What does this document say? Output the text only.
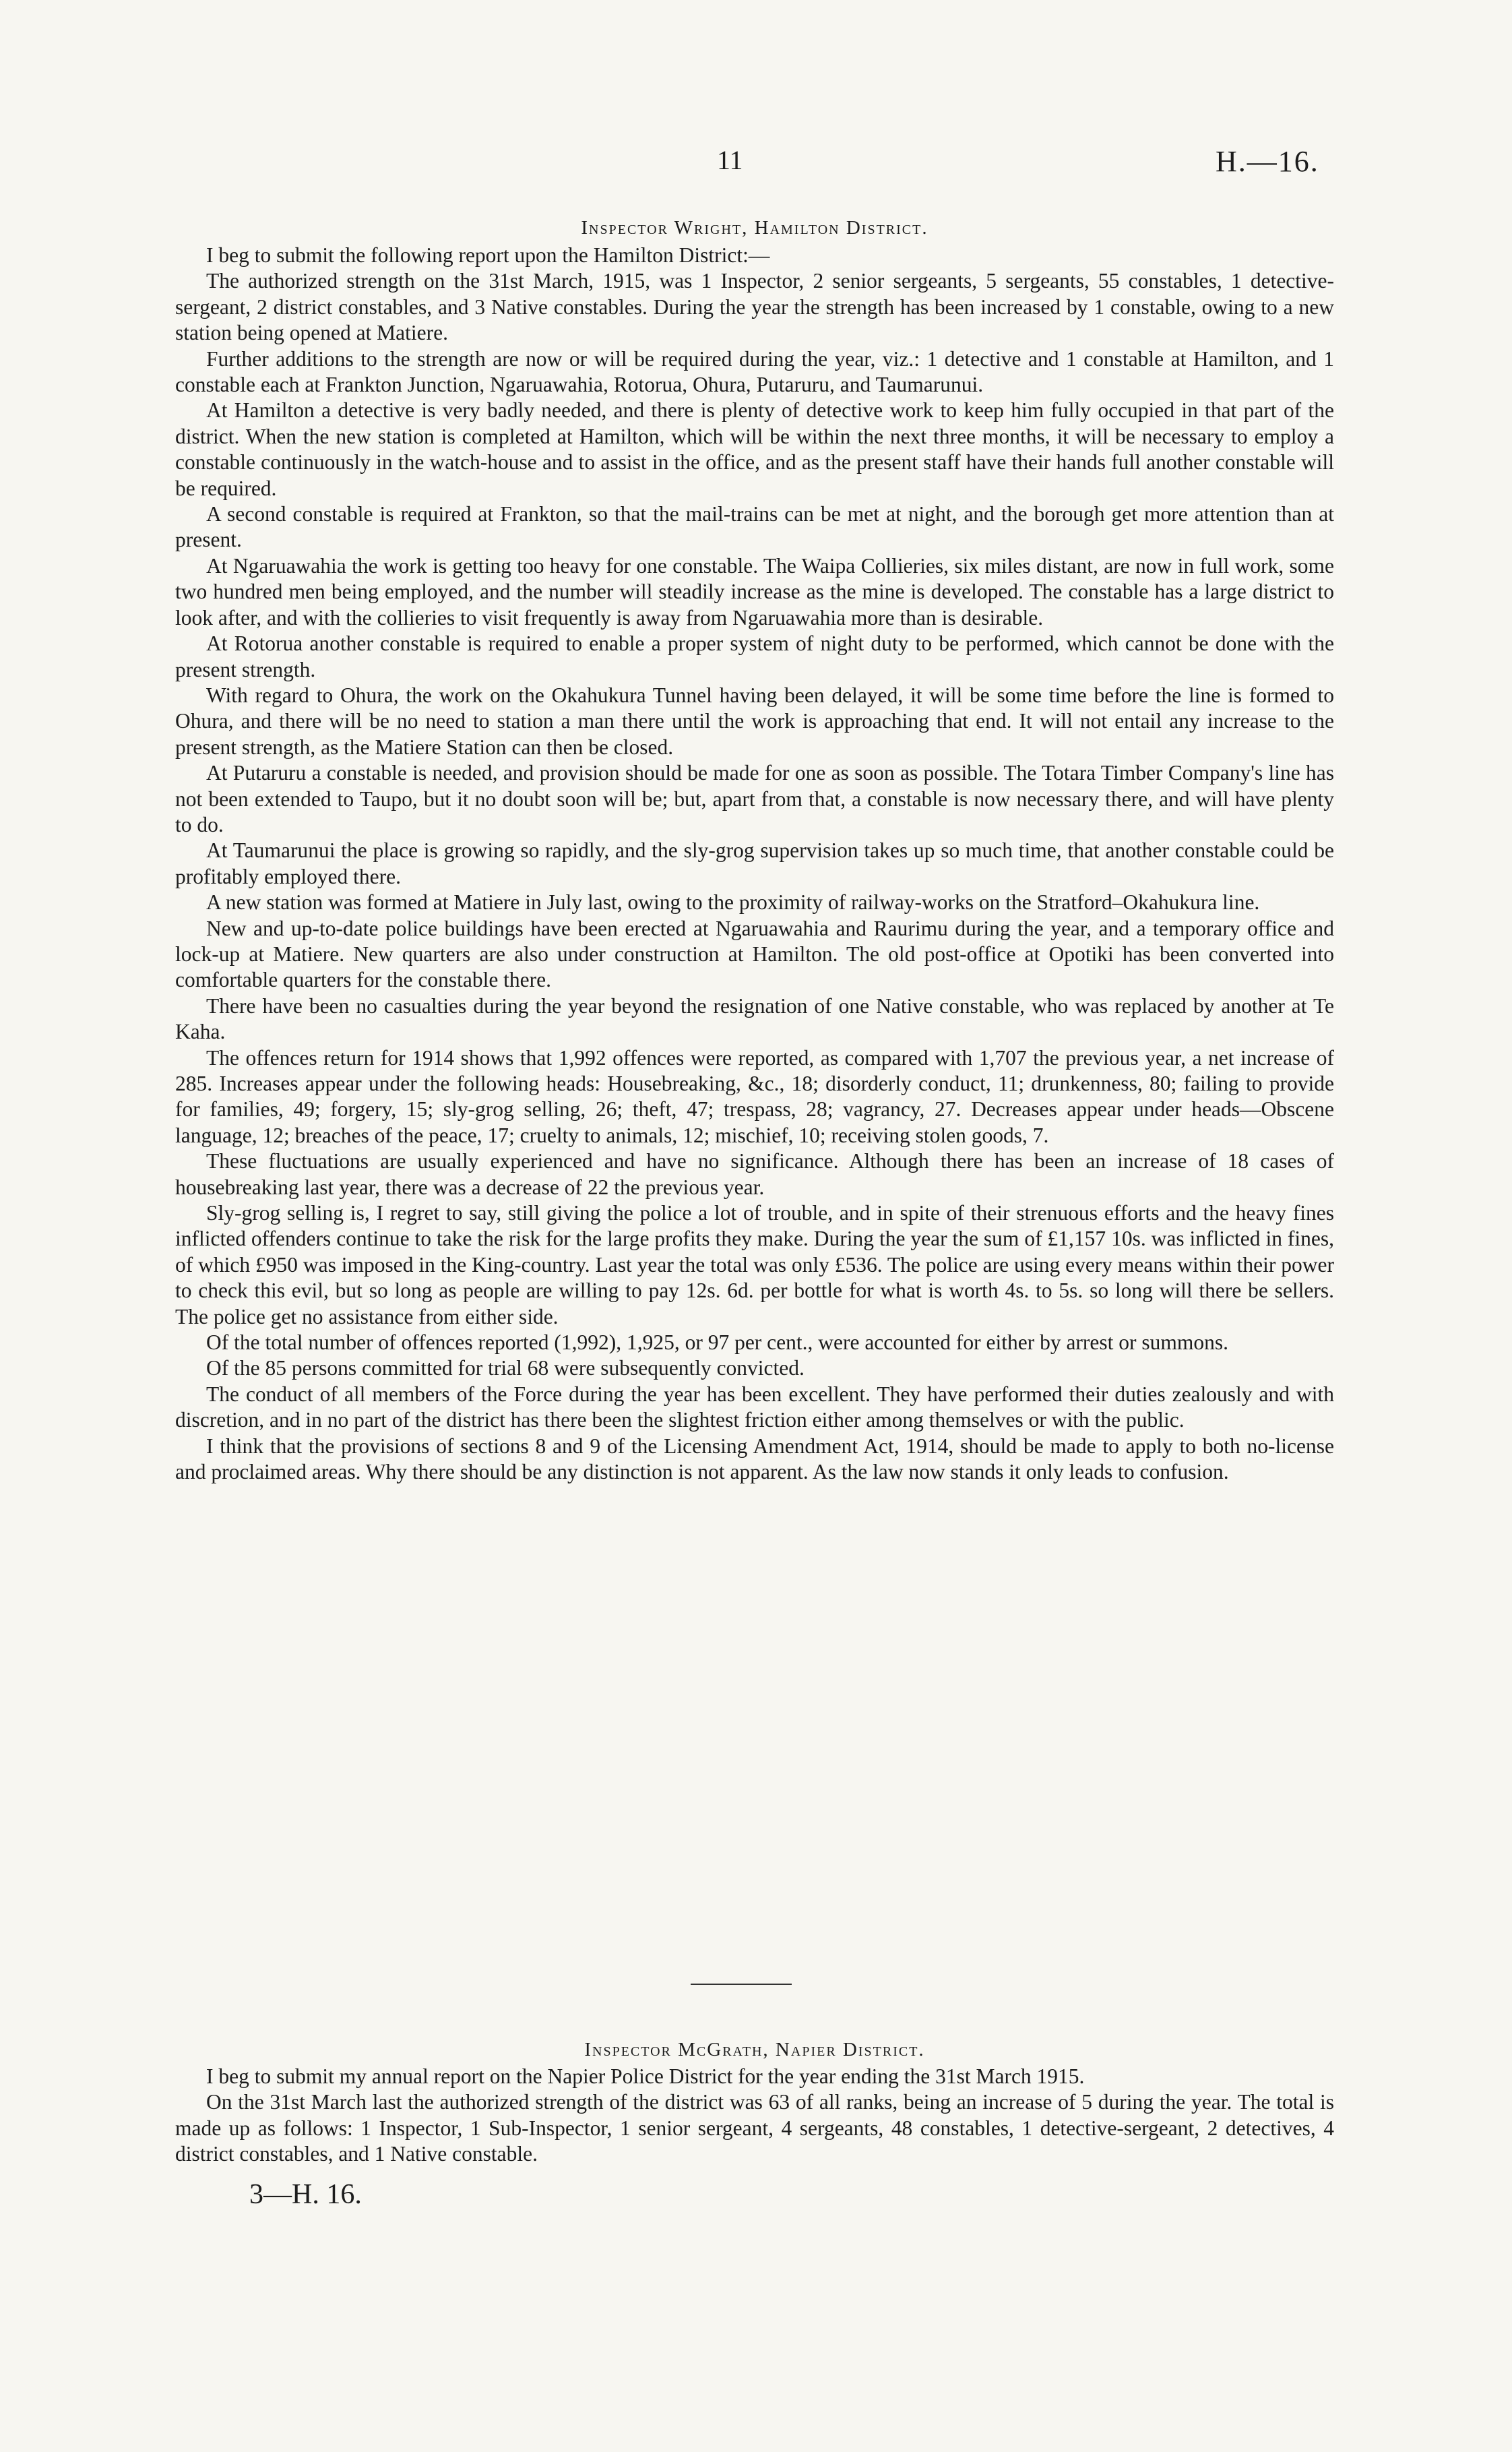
11	H.—16.
Inspector Wright, Hamilton District.

I beg to submit the following report upon the Hamilton District:—

The authorized strength on the 31st March, 1915, was 1 Inspector, 2 senior sergeants, 5 sergeants, 55 constables, 1 detective-sergeant, 2 district constables, and 3 Native constables. During the year the strength has been increased by 1 constable, owing to a new station being opened at Matiere.

Further additions to the strength are now or will be required during the year, viz.: 1 detective and 1 constable at Hamilton, and 1 constable each at Frankton Junction, Ngaruawahia, Rotorua, Ohura, Putaruru, and Taumarunui.

At Hamilton a detective is very badly needed, and there is plenty of detective work to keep him fully occupied in that part of the district. When the new station is completed at Hamilton, which will be within the next three months, it will be necessary to employ a constable continuously in the watch-house and to assist in the office, and as the present staff have their hands full another constable will be required.

A second constable is required at Frankton, so that the mail-trains can be met at night, and the borough get more attention than at present.

At Ngaruawahia the work is getting too heavy for one constable. The Waipa Collieries, six miles distant, are now in full work, some two hundred men being employed, and the number will steadily increase as the mine is developed. The constable has a large district to look after, and with the collieries to visit frequently is away from Ngaruawahia more than is desirable.

At Rotorua another constable is required to enable a proper system of night duty to be performed, which cannot be done with the present strength.

With regard to Ohura, the work on the Okahukura Tunnel having been delayed, it will be some time before the line is formed to Ohura, and there will be no need to station a man there until the work is approaching that end. It will not entail any increase to the present strength, as the Matiere Station can then be closed.

At Putaruru a constable is needed, and provision should be made for one as soon as possible. The Totara Timber Company's line has not been extended to Taupo, but it no doubt soon will be; but, apart from that, a constable is now necessary there, and will have plenty to do.

At Taumarunui the place is growing so rapidly, and the sly-grog supervision takes up so much time, that another constable could be profitably employed there.

A new station was formed at Matiere in July last, owing to the proximity of railway-works on the Stratford–Okahukura line.

New and up-to-date police buildings have been erected at Ngaruawahia and Raurimu during the year, and a temporary office and lock-up at Matiere. New quarters are also under construction at Hamilton. The old post-office at Opotiki has been converted into comfortable quarters for the constable there.

There have been no casualties during the year beyond the resignation of one Native constable, who was replaced by another at Te Kaha.

The offences return for 1914 shows that 1,992 offences were reported, as compared with 1,707 the previous year, a net increase of 285. Increases appear under the following heads: Housebreaking, &c., 18; disorderly conduct, 11; drunkenness, 80; failing to provide for families, 49; forgery, 15; sly-grog selling, 26; theft, 47; trespass, 28; vagrancy, 27. Decreases appear under heads—Obscene language, 12; breaches of the peace, 17; cruelty to animals, 12; mischief, 10; receiving stolen goods, 7.

These fluctuations are usually experienced and have no significance. Although there has been an increase of 18 cases of housebreaking last year, there was a decrease of 22 the previous year.

Sly-grog selling is, I regret to say, still giving the police a lot of trouble, and in spite of their strenuous efforts and the heavy fines inflicted offenders continue to take the risk for the large profits they make. During the year the sum of £1,157 10s. was inflicted in fines, of which £950 was imposed in the King-country. Last year the total was only £536. The police are using every means within their power to check this evil, but so long as people are willing to pay 12s. 6d. per bottle for what is worth 4s. to 5s. so long will there be sellers. The police get no assistance from either side.

Of the total number of offences reported (1,992), 1,925, or 97 per cent., were accounted for either by arrest or summons.

Of the 85 persons committed for trial 68 were subsequently convicted.

The conduct of all members of the Force during the year has been excellent. They have performed their duties zealously and with discretion, and in no part of the district has there been the slightest friction either among themselves or with the public.

I think that the provisions of sections 8 and 9 of the Licensing Amendment Act, 1914, should be made to apply to both no-license and proclaimed areas. Why there should be any distinction is not apparent. As the law now stands it only leads to confusion.

Inspector McGrath, Napier District.

I beg to submit my annual report on the Napier Police District for the year ending the 31st March 1915.

On the 31st March last the authorized strength of the district was 63 of all ranks, being an increase of 5 during the year. The total is made up as follows: 1 Inspector, 1 Sub-Inspector, 1 senior sergeant, 4 sergeants, 48 constables, 1 detective-sergeant, 2 detectives, 4 district constables, and 1 Native constable.

3—H. 16.
